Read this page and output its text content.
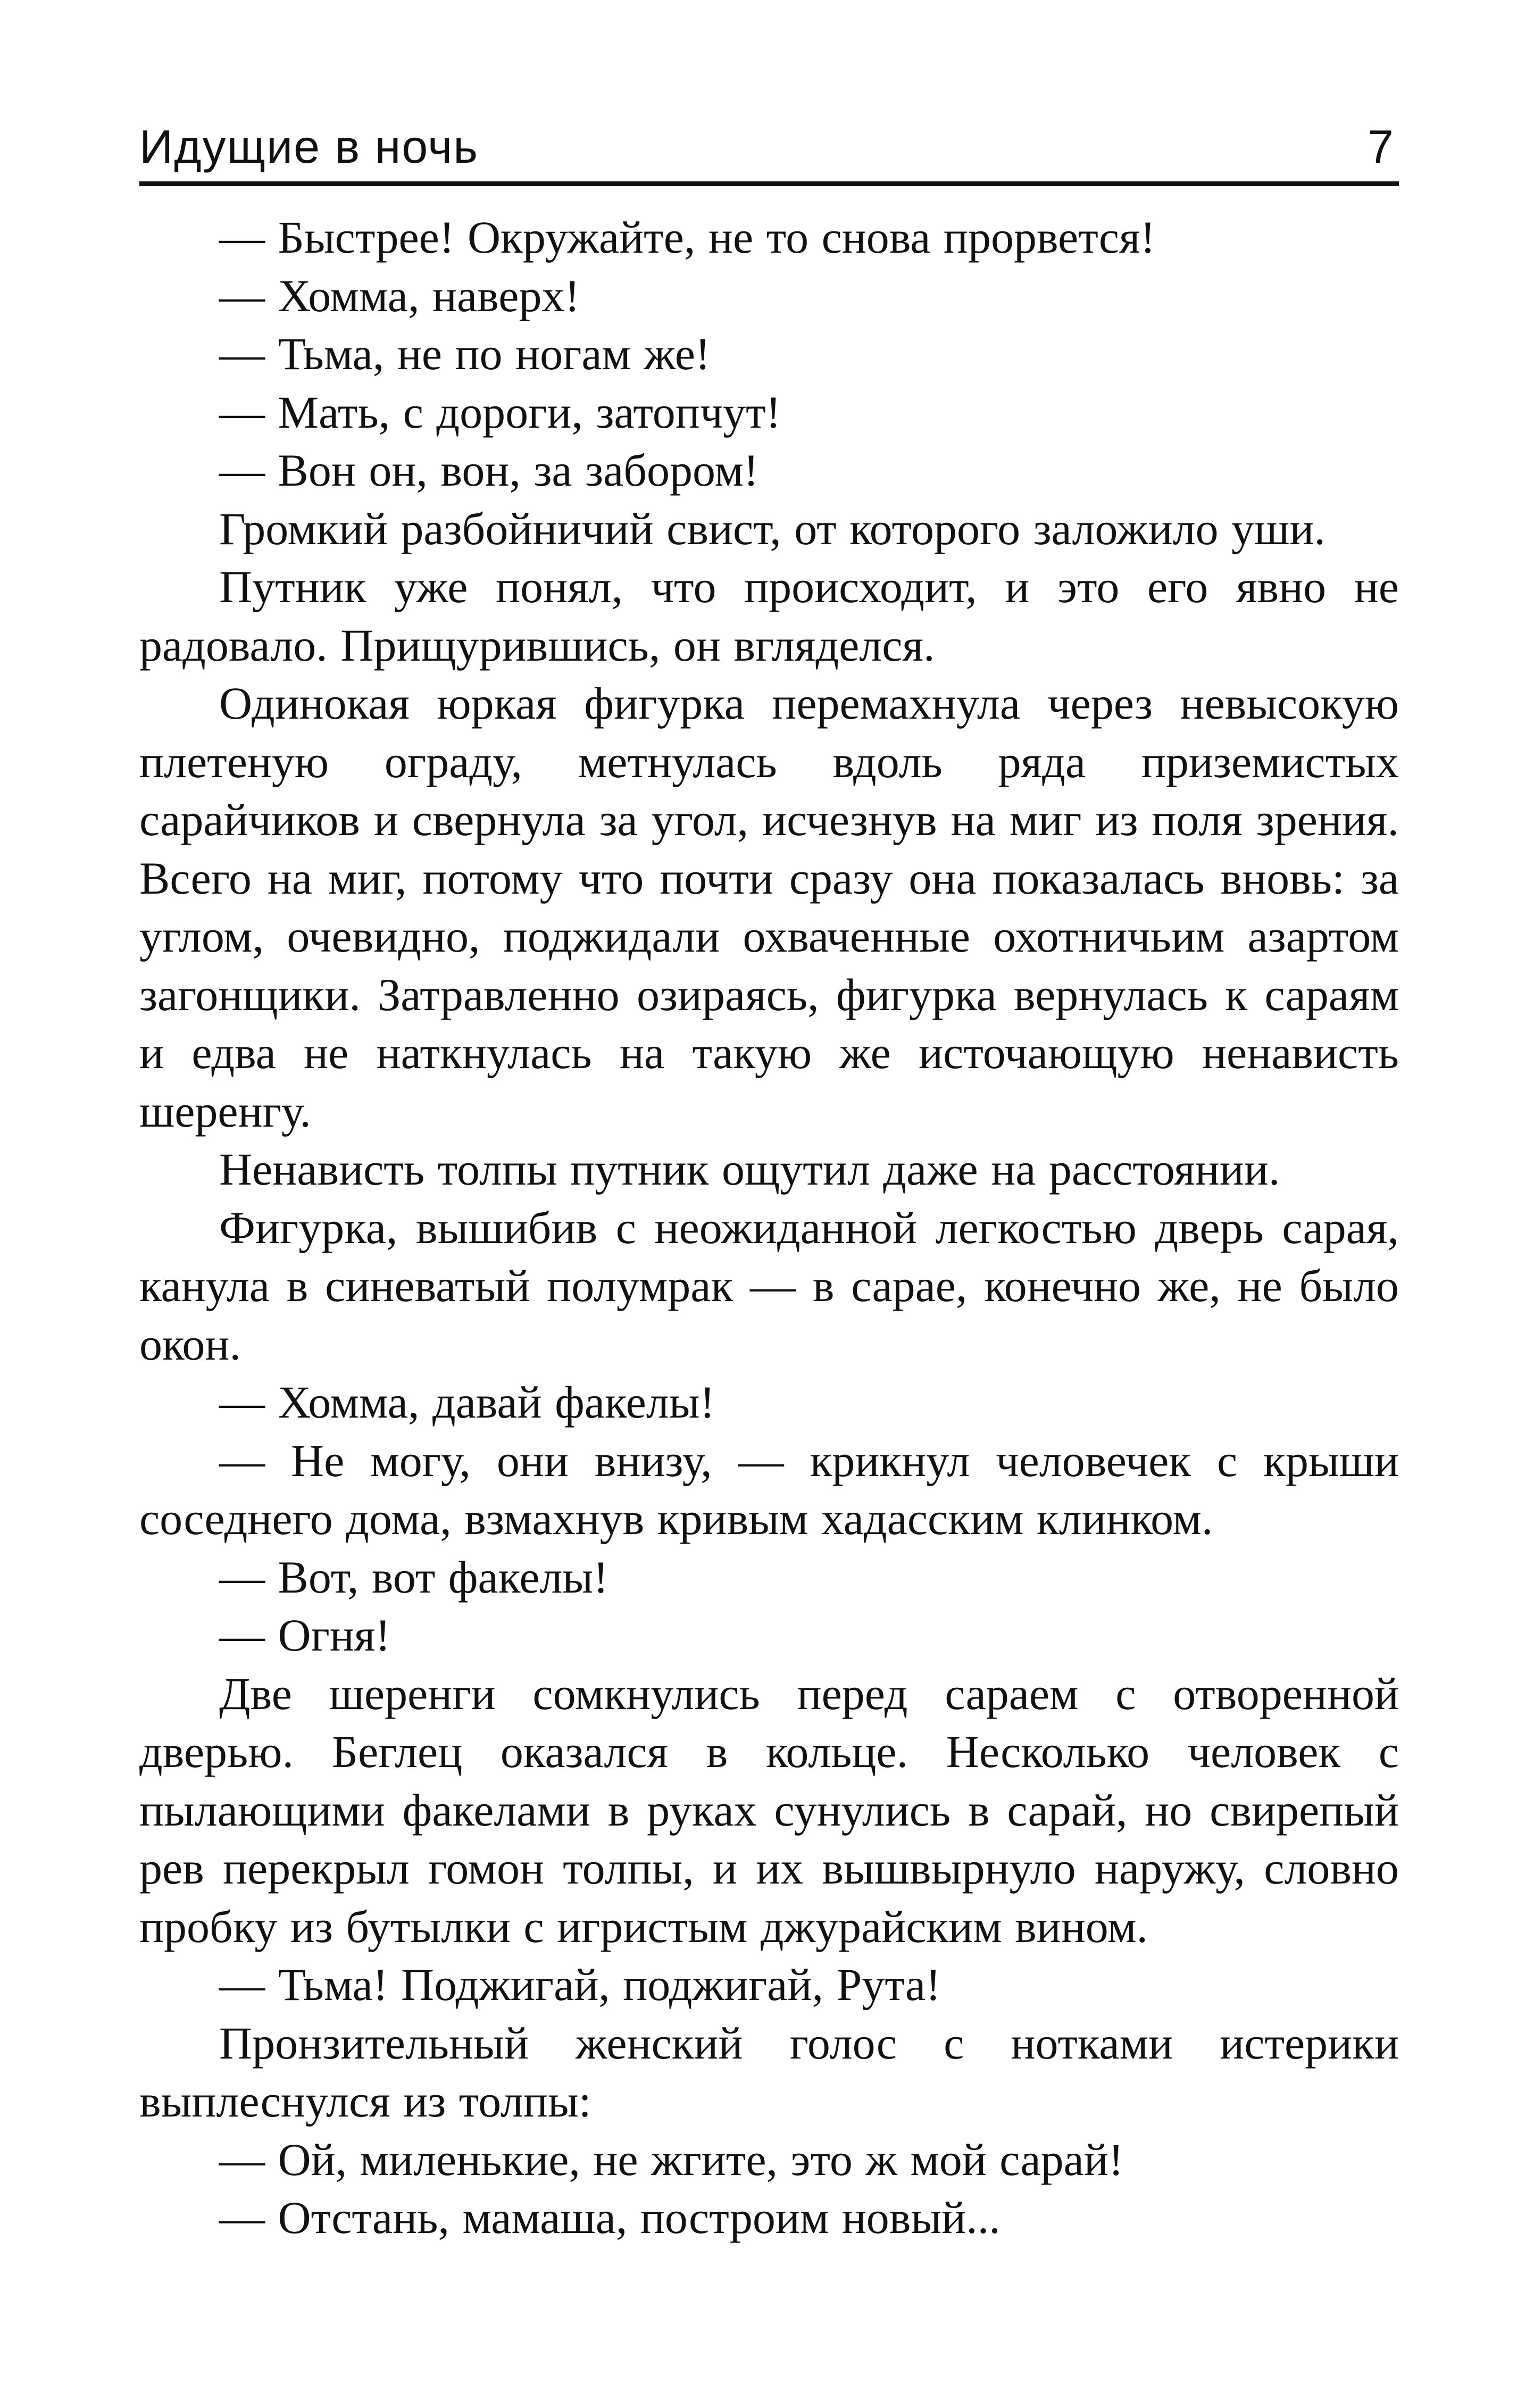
Идущие в ночь	7

— Быстрее! Окружайте, не то снова прорвется!

— Хомма, наверх!

— Тьма, не по ногам же!

— Мать, с дороги, затопчут!

— Вон он, вон, за забором!

Громкий разбойничий свист, от которого заложило уши.

Путник уже понял, что происходит, и это его явно не радовало. Прищурившись, он вгляделся.

Одинокая юркая фигурка перемахнула через невысокую плетеную ограду, метнулась вдоль ряда приземистых сарайчиков и свернула за угол, исчезнув на миг из поля зрения. Всего на миг, потому что почти сразу она показалась вновь: за углом, очевидно, поджидали охваченные охотничьим азартом загонщики. Затравленно озираясь, фигурка вернулась к сараям и едва не наткнулась на такую же источающую ненависть шеренгу.

Ненависть толпы путник ощутил даже на расстоянии.

Фигурка, вышибив с неожиданной легкостью дверь сарая, канула в синеватый полумрак — в сарае, конечно же, не было окон.

— Хомма, давай факелы!

— Не могу, они внизу, — крикнул человечек с крыши соседнего дома, взмахнув кривым хадасским клинком.

— Вот, вот факелы!

— Огня!

Две шеренги сомкнулись перед сараем с отворенной дверью. Беглец оказался в кольце. Несколько человек с пылающими факелами в руках сунулись в сарай, но свирепый рев перекрыл гомон толпы, и их вышвырнуло наружу, словно пробку из бутылки с игристым джурайским вином.

— Тьма! Поджигай, поджигай, Рута!

Пронзительный женский голос с нотками истерики выплеснулся из толпы:

— Ой, миленькие, не жгите, это ж мой сарай!

— Отстань, мамаша, построим новый...
